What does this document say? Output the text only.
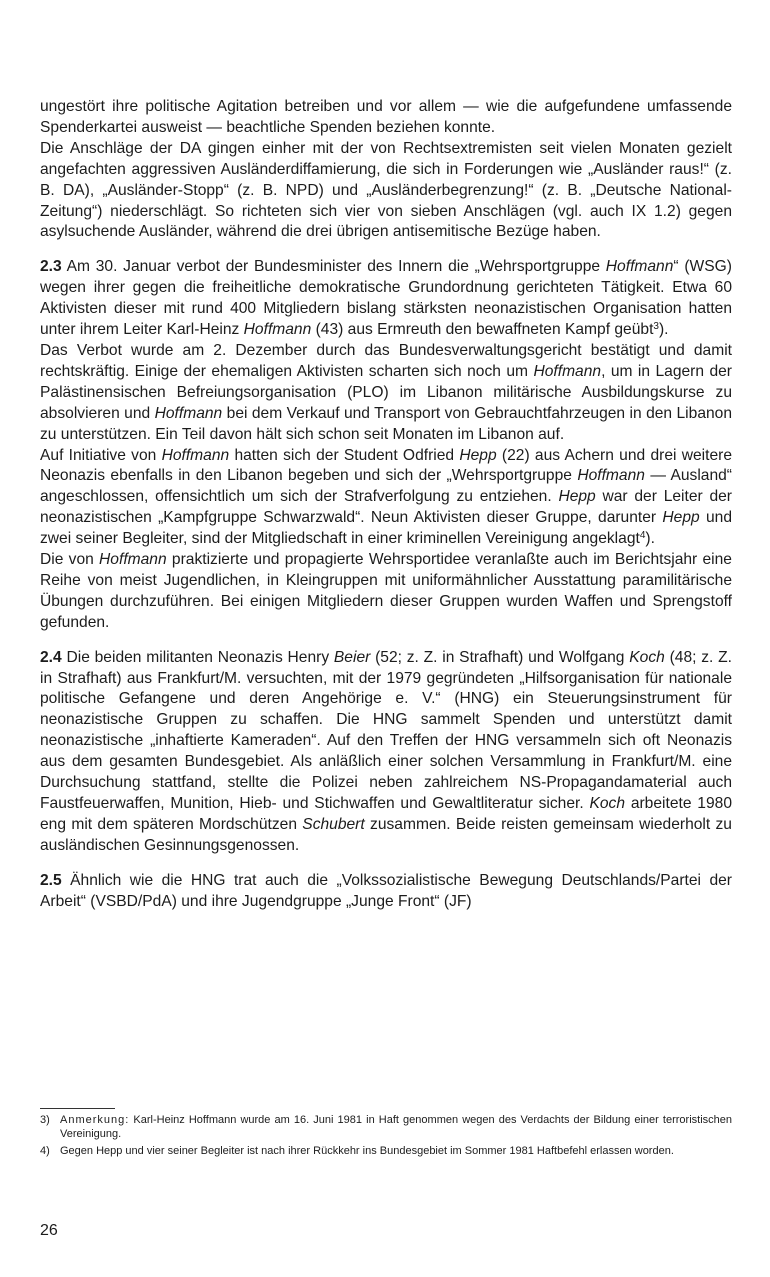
ungestört ihre politische Agitation betreiben und vor allem — wie die aufgefundene umfassende Spenderkartei ausweist — beachtliche Spenden beziehen konnte.

Die Anschläge der DA gingen einher mit der von Rechtsextremisten seit vielen Monaten gezielt angefachten aggressiven Ausländerdiffamierung, die sich in Forderungen wie „Ausländer raus!“ (z. B. DA), „Ausländer-Stopp“ (z. B. NPD) und „Ausländerbegrenzung!“ (z. B. „Deutsche National-Zeitung“) niederschlägt. So richteten sich vier von sieben Anschlägen (vgl. auch IX 1.2) gegen asylsuchende Ausländer, während die drei übrigen antisemitische Bezüge haben.

2.3 Am 30. Januar verbot der Bundesminister des Innern die „Wehrsportgruppe Hoffmann“ (WSG) wegen ihrer gegen die freiheitliche demokratische Grundordnung gerichteten Tätigkeit. Etwa 60 Aktivisten dieser mit rund 400 Mitgliedern bislang stärksten neonazistischen Organisation hatten unter ihrem Leiter Karl-Heinz Hoffmann (43) aus Ermreuth den bewaffneten Kampf geübt$^3$).

Das Verbot wurde am 2. Dezember durch das Bundesverwaltungsgericht bestätigt und damit rechtskräftig. Einige der ehemaligen Aktivisten scharten sich noch um Hoffmann, um in Lagern der Palästinensischen Befreiungsorganisation (PLO) im Libanon militärische Ausbildungskurse zu absolvieren und Hoffmann bei dem Verkauf und Transport von Gebrauchtfahrzeugen in den Libanon zu unterstützen. Ein Teil davon hält sich schon seit Monaten im Libanon auf.

Auf Initiative von Hoffmann hatten sich der Student Odfried Hepp (22) aus Achern und drei weitere Neonazis ebenfalls in den Libanon begeben und sich der „Wehrsportgruppe Hoffmann — Ausland“ angeschlossen, offensichtlich um sich der Strafverfolgung zu entziehen. Hepp war der Leiter der neonazistischen „Kampfgruppe Schwarzwald“. Neun Aktivisten dieser Gruppe, darunter Hepp und zwei seiner Begleiter, sind der Mitgliedschaft in einer kriminellen Vereinigung angeklagt$^4$).

Die von Hoffmann praktizierte und propagierte Wehrsportidee veranlaßte auch im Berichtsjahr eine Reihe von meist Jugendlichen, in Kleingruppen mit uniformähnlicher Ausstattung paramilitärische Übungen durchzuführen. Bei einigen Mitgliedern dieser Gruppen wurden Waffen und Sprengstoff gefunden.

2.4 Die beiden militanten Neonazis Henry Beier (52; z. Z. in Strafhaft) und Wolfgang Koch (48; z. Z. in Strafhaft) aus Frankfurt/M. versuchten, mit der 1979 gegründeten „Hilfsorganisation für nationale politische Gefangene und deren Angehörige e. V.“ (HNG) ein Steuerungsinstrument für neonazistische Gruppen zu schaffen. Die HNG sammelt Spenden und unterstützt damit neonazistische „inhaftierte Kameraden“. Auf den Treffen der HNG versammeln sich oft Neonazis aus dem gesamten Bundesgebiet. Als anläßlich einer solchen Versammlung in Frankfurt/M. eine Durchsuchung stattfand, stellte die Polizei neben zahlreichem NS-Propagandamaterial auch Faustfeuerwaffen, Munition, Hieb- und Stichwaffen und Gewaltliteratur sicher. Koch arbeitete 1980 eng mit dem späteren Mordschützen Schubert zusammen. Beide reisten gemeinsam wiederholt zu ausländischen Gesinnungsgenossen.

2.5 Ähnlich wie die HNG trat auch die „Volkssozialistische Bewegung Deutschlands/Partei der Arbeit“ (VSBD/PdA) und ihre Jugendgruppe „Junge Front“ (JF)

3) Anmerkung: Karl-Heinz Hoffmann wurde am 16. Juni 1981 in Haft genommen wegen des Verdachts der Bildung einer terroristischen Vereinigung.
4) Gegen Hepp und vier seiner Begleiter ist nach ihrer Rückkehr ins Bundesgebiet im Sommer 1981 Haftbefehl erlassen worden.
26
